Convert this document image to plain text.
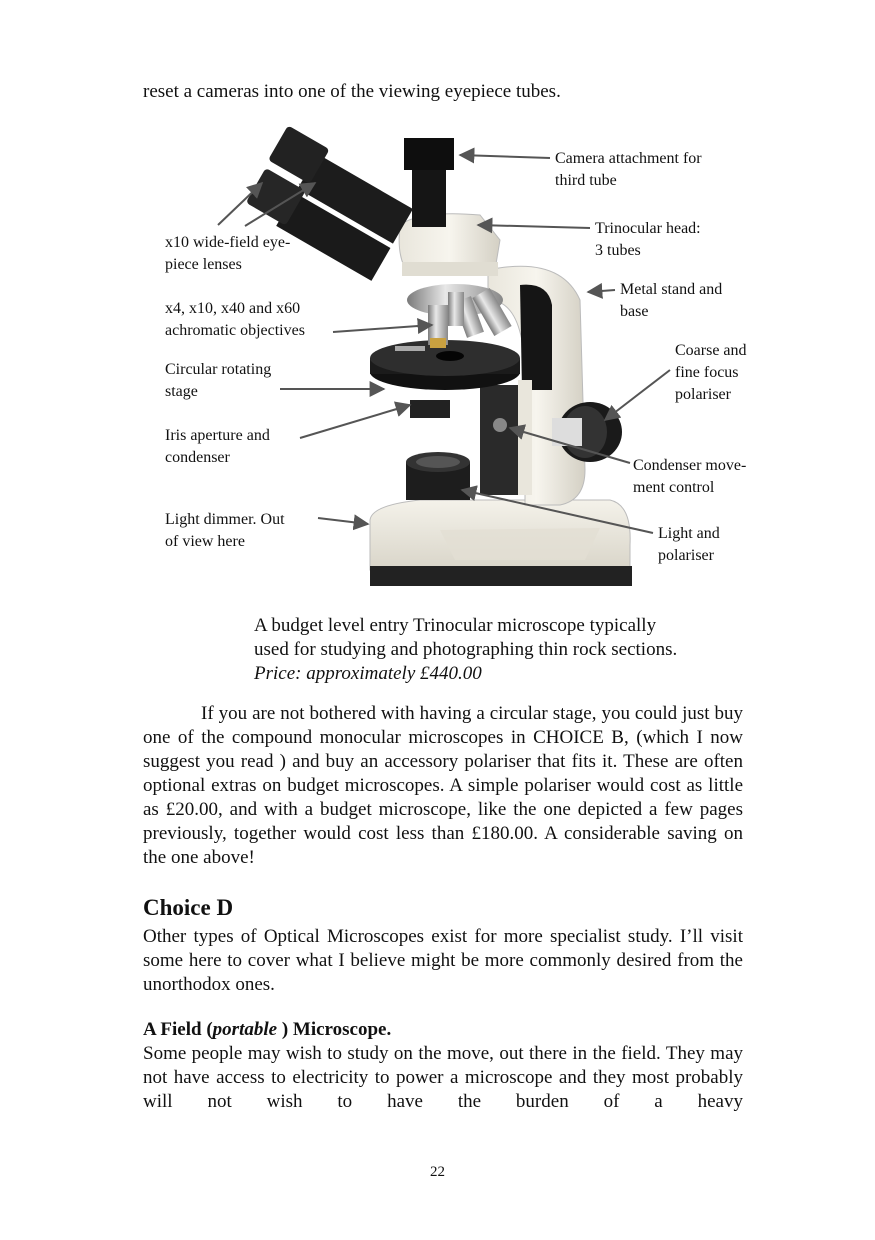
reset a cameras into one of the viewing eyepiece tubes.
Camera attachment for
third tube
x10 wide-field eye-
piece lenses
Trinocular head:
3 tubes
Metal stand and
base
x4, x10, x40 and x60
achromatic objectives
Coarse and
fine focus
polariser
Circular rotating
stage
Iris aperture and
condenser	Condenser move-
ment control
Light dimmer. Out
of view here	Light and
polariser
A budget level entry Trinocular microscope typically
used for studying and photographing thin rock sections.
Price: approximately £440.00
If you are not bothered with having a circular stage, you could just buy one of the compound monocular microscopes in CHOICE B, (which I now suggest you read ) and buy an accessory polariser that fits it. These are often optional extras on budget microscopes. A simple polariser would cost as little as £20.00, and with a budget microscope, like the one depicted a few pages previously, together would cost less than £180.00. A considerable saving on the one above!
Choice D
Other types of Optical Microscopes exist for more specialist study. I’ll visit some here to cover what I believe might be more commonly desired from the unorthodox ones.
A Field (portable ) Microscope.
Some people may wish to study on the move, out there in the field. They may not have access to electricity to power a microscope and they most probably will not wish to have the burden of a heavy
22
